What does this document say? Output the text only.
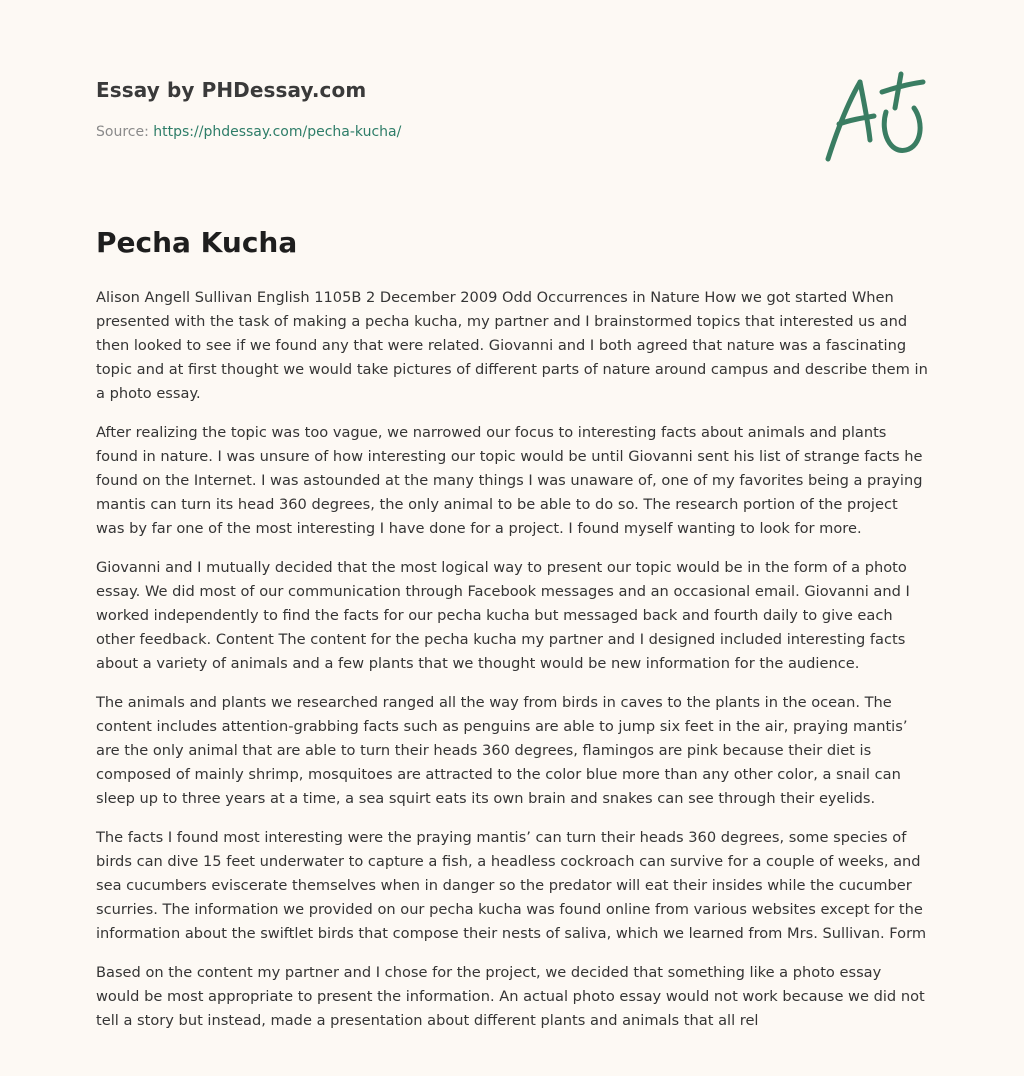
Essay by PHDessay.com
Source: https://phdessay.com/pecha-kucha/
Pecha Kucha

Alison Angell Sullivan English 1105B 2 December 2009 Odd Occurrences in Nature How we got started When presented with the task of making a pecha kucha, my partner and I brainstormed topics that interested us and then looked to see if we found any that were related. Giovanni and I both agreed that nature was a fascinating topic and at first thought we would take pictures of different parts of nature around campus and describe them in a photo essay.

After realizing the topic was too vague, we narrowed our focus to interesting facts about animals and plants found in nature. I was unsure of how interesting our topic would be until Giovanni sent his list of strange facts he found on the Internet. I was astounded at the many things I was unaware of, one of my favorites being a praying mantis can turn its head 360 degrees, the only animal to be able to do so. The research portion of the project was by far one of the most interesting I have done for a project. I found myself wanting to look for more.

Giovanni and I mutually decided that the most logical way to present our topic would be in the form of a photo essay. We did most of our communication through Facebook messages and an occasional email. Giovanni and I worked independently to find the facts for our pecha kucha but messaged back and fourth daily to give each other feedback. Content The content for the pecha kucha my partner and I designed included interesting facts about a variety of animals and a few plants that we thought would be new information for the audience.

The animals and plants we researched ranged all the way from birds in caves to the plants in the ocean. The content includes attention-grabbing facts such as penguins are able to jump six feet in the air, praying mantis’ are the only animal that are able to turn their heads 360 degrees, flamingos are pink because their diet is composed of mainly shrimp, mosquitoes are attracted to the color blue more than any other color, a snail can sleep up to three years at a time, a sea squirt eats its own brain and snakes can see through their eyelids.

The facts I found most interesting were the praying mantis’ can turn their heads 360 degrees, some species of birds can dive 15 feet underwater to capture a fish, a headless cockroach can survive for a couple of weeks, and sea cucumbers eviscerate themselves when in danger so the predator will eat their insides while the cucumber scurries. The information we provided on our pecha kucha was found online from various websites except for the information about the swiftlet birds that compose their nests of saliva, which we learned from Mrs. Sullivan. Form

Based on the content my partner and I chose for the project, we decided that something like a photo essay would be most appropriate to present the information. An actual photo essay would not work because we did not tell a story but instead, made a presentation about different plants and animals that all rel
